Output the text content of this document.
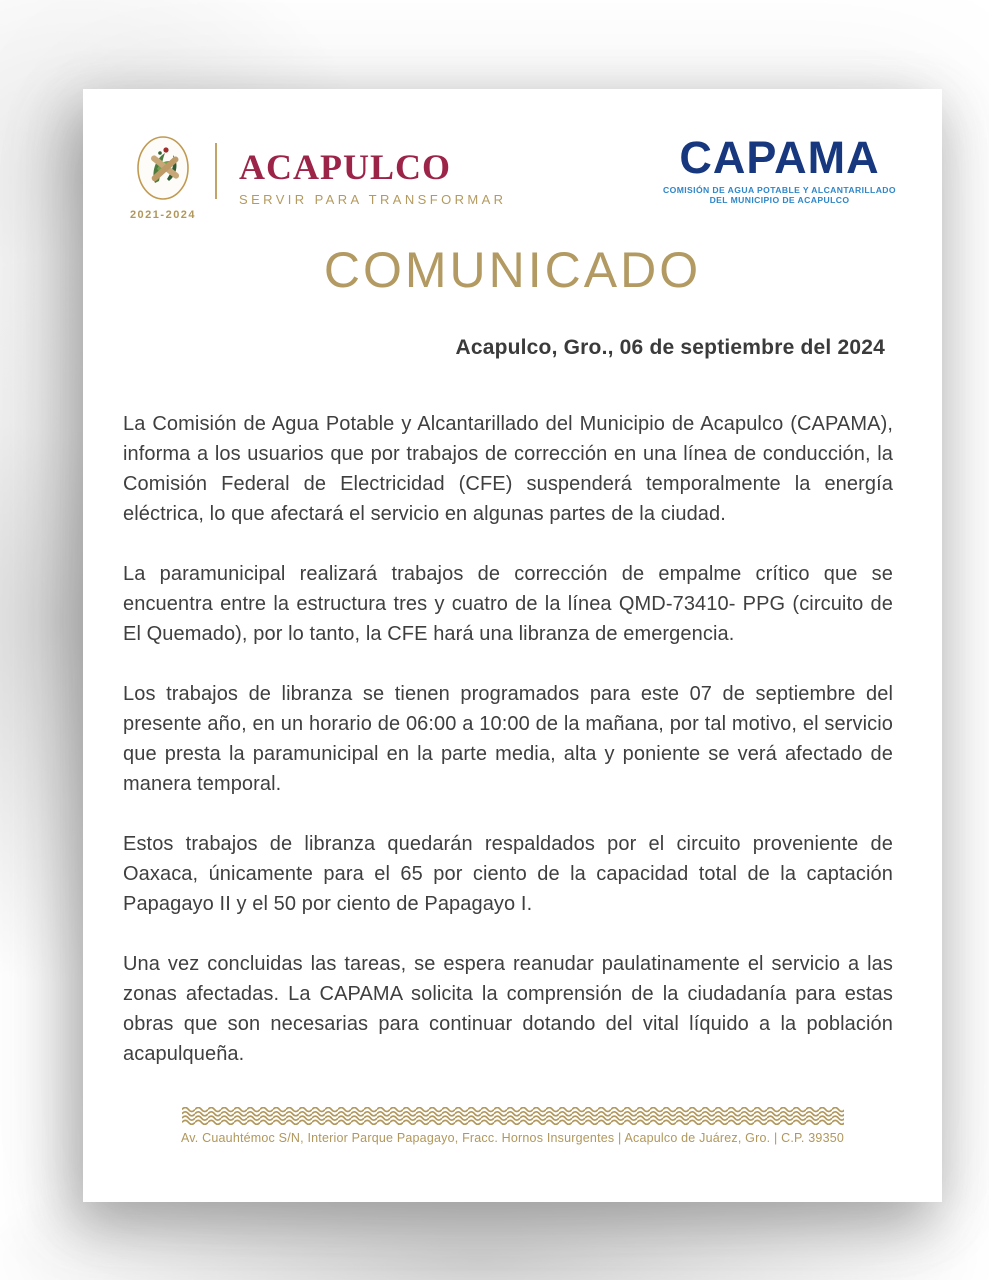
2021-2024
ACAPULCO
SERVIR PARA TRANSFORMAR
CAPAMA
COMISIÓN DE AGUA POTABLE Y ALCANTARILLADO
DEL MUNICIPIO DE ACAPULCO
COMUNICADO
Acapulco, Gro., 06 de septiembre del 2024

La Comisión de Agua Potable y Alcantarillado del Municipio de Acapulco (CAPAMA), informa a los usuarios que por trabajos de corrección en una línea de conducción, la Comisión Federal de Electricidad (CFE) suspenderá temporalmente la energía eléctrica, lo que afectará el servicio en algunas partes de la ciudad.

La paramunicipal realizará trabajos de corrección de empalme crítico que se encuentra entre la estructura tres y cuatro de la línea QMD-73410- PPG (circuito de El Quemado), por lo tanto, la CFE hará una libranza de emergencia.

Los trabajos de libranza se tienen programados para este 07 de septiembre del presente año, en un horario de 06:00 a 10:00 de la mañana, por tal motivo, el servicio que presta la paramunicipal en la parte media, alta y poniente se verá afectado de manera temporal.

Estos trabajos de libranza quedarán respaldados por el circuito proveniente de Oaxaca, únicamente para el 65 por ciento de la capacidad total de la captación Papagayo II y el 50 por ciento de Papagayo I.

Una vez concluidas las tareas, se espera reanudar paulatinamente el servicio a las zonas afectadas. La CAPAMA solicita la comprensión de la ciudadanía para estas obras que son necesarias para continuar dotando del vital líquido a la población acapulqueña.

Av. Cuauhtémoc S/N, Interior Parque Papagayo, Fracc. Hornos Insurgentes | Acapulco de Juárez, Gro. | C.P. 39350
